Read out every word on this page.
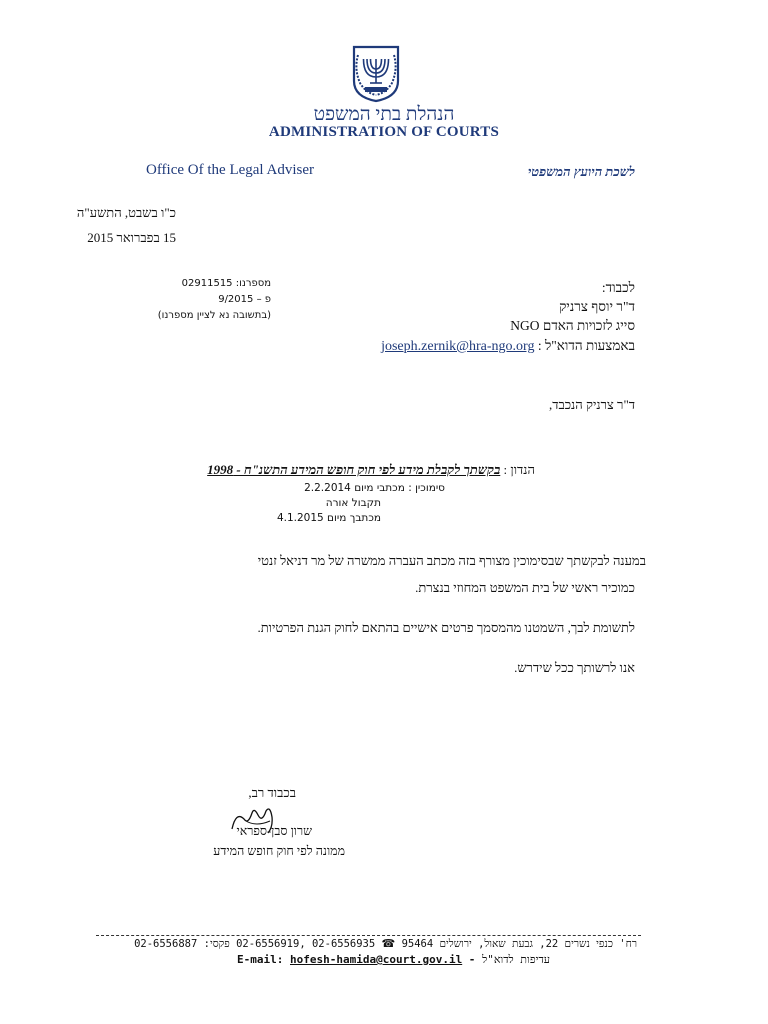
הנהלת בתי המשפט
ADMINISTRATION OF COURTS
Office Of the Legal Adviser	לשכת היועץ המשפטי
כ"ו בשבט, התשע"ה
15 בפברואר 2015
מספרנו: 02911515
פ – 9/2015
(בתשובה נא לציין מספרנו)
לכבוד:
ד"ר יוסף צרניק
סייג לזכויות האדם NGO
באמצעות הדוא"ל : joseph.zernik@hra-ngo.org
ד"ר צרניק הנכבד,
הנדון : בקשתך לקבלת מידע לפי חוק חופש המידע התשנ"ח - 1998
סימוכין : מכתבי מיום 2.2.2014
תקבול אורה
מכתבך מיום 4.1.2015
במענה לבקשתך שבסימוכין מצורף בזה מכתב העברה ממשרה של מר דניאל זנטי
כמוכיר ראשי של בית המשפט המחוזי בנצרת.
לתשומת לבך, השמטנו מהמסמך פרטים אישיים בהתאם לחוק הגנת הפרטיות.
אנו לרשותך ככל שידרש.
בכבוד רב,
שרון סבן-ספראי
ממונה לפי חוק חופש המידע
רח' כנפי נשרים 22, גבעת שאול, ירושלים 95464 ☎ 02-6556935 ,02-6556919 פקסי: 02-6556887
עדיפות לדוא"ל - E-mail: hofesh-hamida@court.gov.il
